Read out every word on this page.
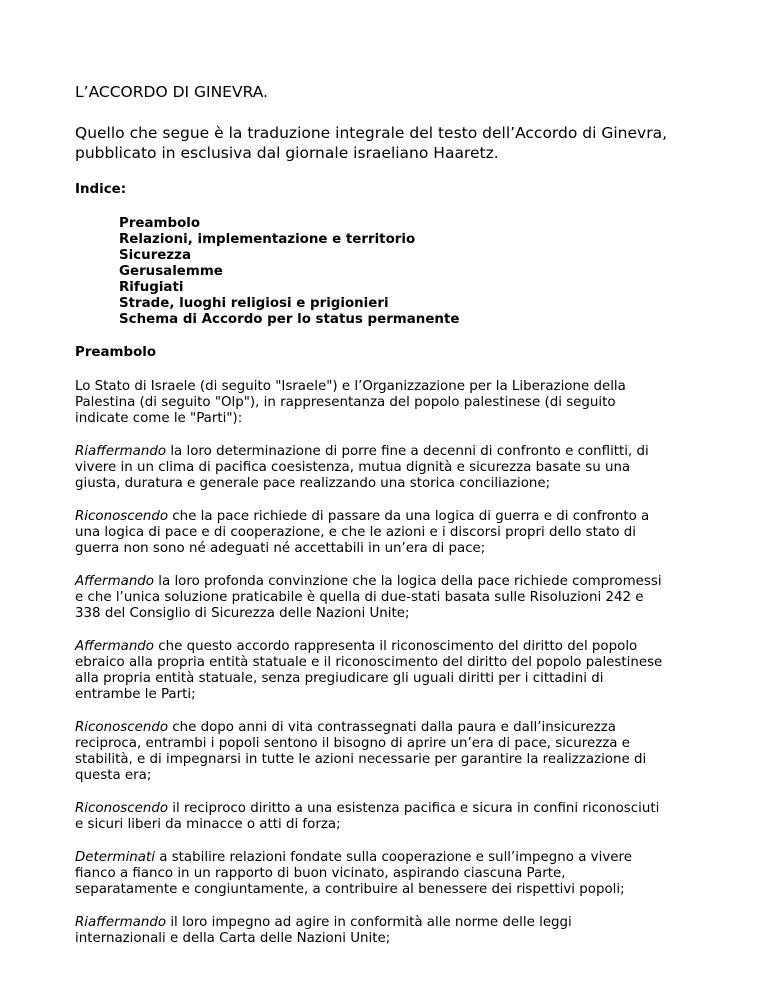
L’ACCORDO DI GINEVRA.

Quello che segue è la traduzione integrale del testo dell’Accordo di Ginevra,
pubblicato in esclusiva dal giornale israeliano Haaretz.

Indice:

Preambolo
Relazioni, implementazione e territorio
Sicurezza
Gerusalemme
Rifugiati
Strade, luoghi religiosi e prigionieri
Schema di Accordo per lo status permanente

Preambolo

Lo Stato di Israele (di seguito "Israele") e l’Organizzazione per la Liberazione della
Palestina (di seguito "Olp"), in rappresentanza del popolo palestinese (di seguito
indicate come le "Parti"):

Riaffermando la loro determinazione di porre fine a decenni di confronto e conflitti, di
vivere in un clima di pacifica coesistenza, mutua dignità e sicurezza basate su una
giusta, duratura e generale pace realizzando una storica conciliazione;

Riconoscendo che la pace richiede di passare da una logica di guerra e di confronto a
una logica di pace e di cooperazione, e che le azioni e i discorsi propri dello stato di
guerra non sono né adeguati né accettabili in un’era di pace;

Affermando la loro profonda convinzione che la logica della pace richiede compromessi
e che l’unica soluzione praticabile è quella di due-stati basata sulle Risoluzioni 242 e
338 del Consiglio di Sicurezza delle Nazioni Unite;

Affermando che questo accordo rappresenta il riconoscimento del diritto del popolo
ebraico alla propria entità statuale e il riconoscimento del diritto del popolo palestinese
alla propria entità statuale, senza pregiudicare gli uguali diritti per i cittadini di
entrambe le Parti;

Riconoscendo che dopo anni di vita contrassegnati dalla paura e dall’insicurezza
reciproca, entrambi i popoli sentono il bisogno di aprire un’era di pace, sicurezza e
stabilità, e di impegnarsi in tutte le azioni necessarie per garantire la realizzazione di
questa era;

Riconoscendo il reciproco diritto a una esistenza pacifica e sicura in confini riconosciuti
e sicuri liberi da minacce o atti di forza;

Determinati a stabilire relazioni fondate sulla cooperazione e sull’impegno a vivere
fianco a fianco in un rapporto di buon vicinato, aspirando ciascuna Parte,
separatamente e congiuntamente, a contribuire al benessere dei rispettivi popoli;

Riaffermando il loro impegno ad agire in conformità alle norme delle leggi
internazionali e della Carta delle Nazioni Unite;
